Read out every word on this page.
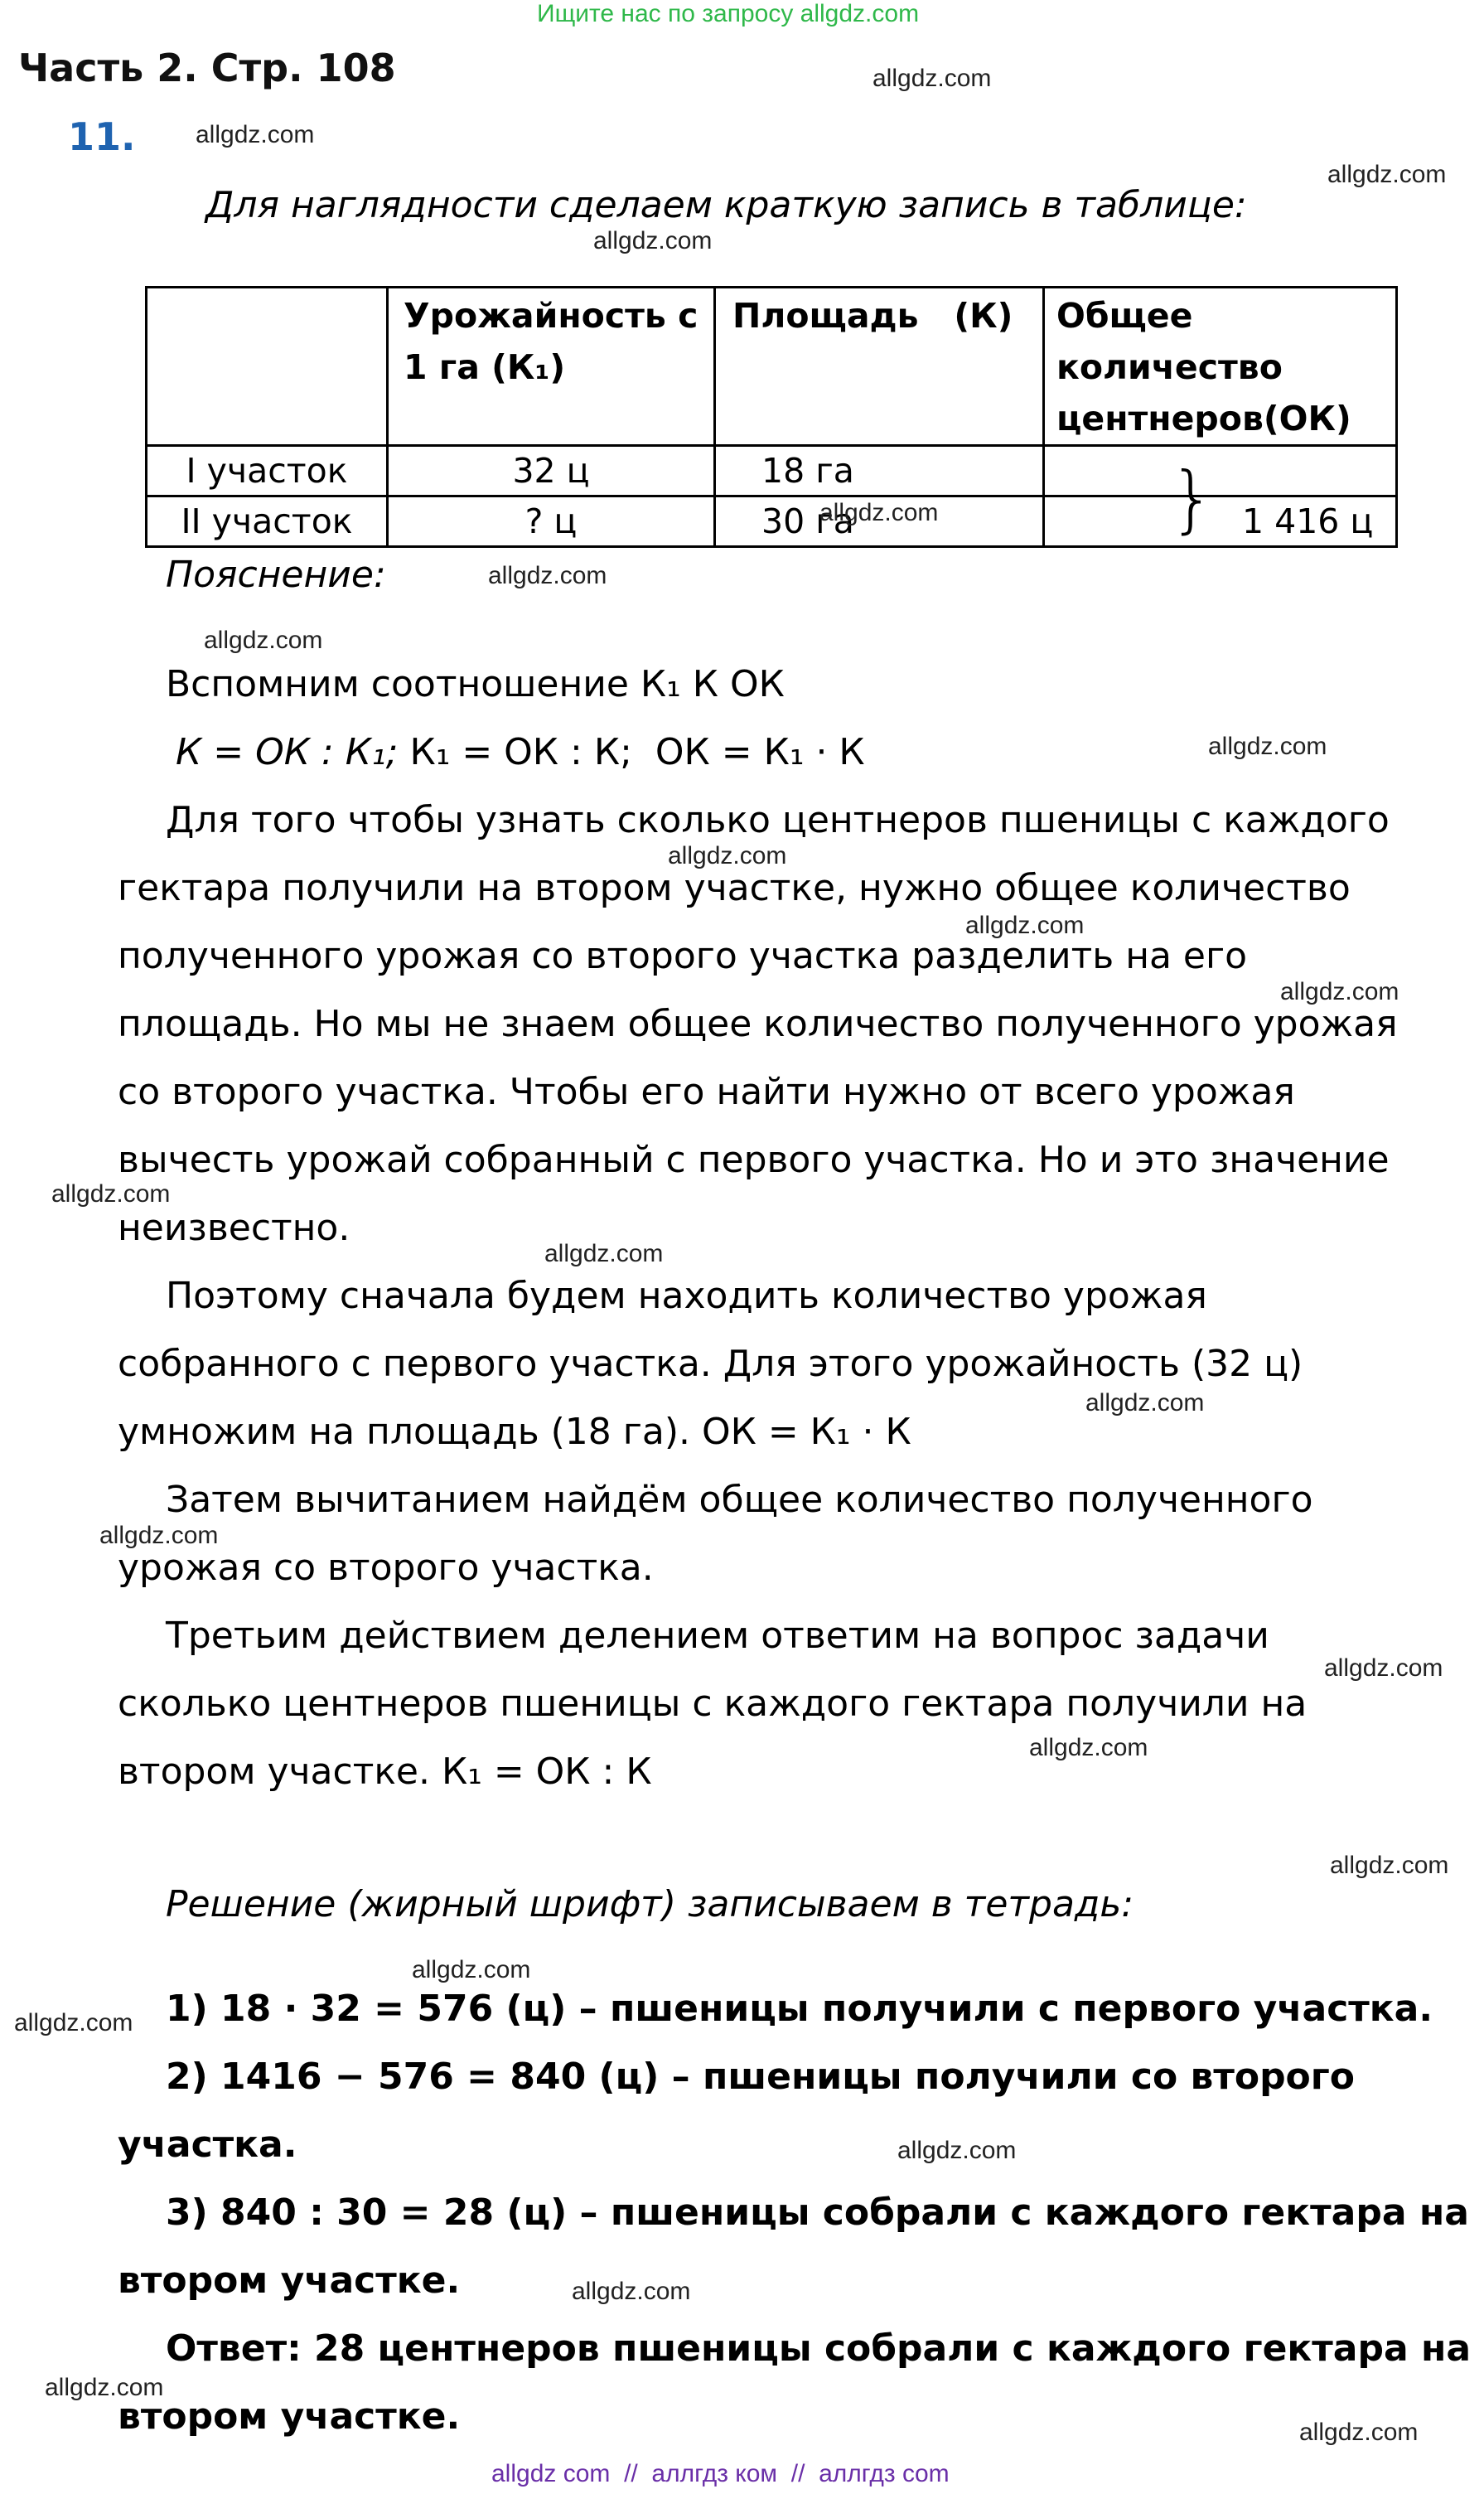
Ищите нас по запросу allgdz.com
Часть 2. Стр. 108
11.
Для наглядности сделаем краткую запись в таблице:
	Урожайность с 1 га (К₁)	Площадь   (К)	Общее количество центнеров(ОК)
I участок	32 ц	18 га	
II участок	? ц	30 га	} 1 416 ц
Пояснение:
Вспомним соотношение К₁ К ОК
К = ОК : К₁; К₁ = ОК : К;  ОК = К₁ · К
Для того чтобы узнать сколько центнеров пшеницы с каждого
гектара получили на втором участке, нужно общее количество
полученного урожая со второго участка разделить на его
площадь. Но мы не знаем общее количество полученного урожая
со второго участка. Чтобы его найти нужно от всего урожая
вычесть урожай собранный с первого участка. Но и это значение
неизвестно.
Поэтому сначала будем находить количество урожая
собранного с первого участка. Для этого урожайность (32 ц)
умножим на площадь (18 га). ОК = К₁ · К
Затем вычитанием найдём общее количество полученного
урожая со второго участка.
Третьим действием делением ответим на вопрос задачи
сколько центнеров пшеницы с каждого гектара получили на
втором участке. К₁ = ОК : К
Решение (жирный шрифт) записываем в тетрадь:
1) 18 · 32 = 576 (ц) – пшеницы получили с первого участка.
2) 1416 − 576 = 840 (ц) – пшеницы получили со второго
участка.
3) 840 : 30 = 28 (ц) – пшеницы собрали с каждого гектара на
втором участке.
Ответ: 28 центнеров пшеницы собрали с каждого гектара на
втором участке.
allgdz.com
allgdz.com
allgdz.com
allgdz.com
allgdz.com
allgdz.com
allgdz.com
allgdz.com
allgdz.com
allgdz.com
allgdz.com
allgdz.com
allgdz.com
allgdz.com
allgdz.com
allgdz.com
allgdz.com
allgdz.com
allgdz.com
allgdz.com
allgdz.com
allgdz.com
allgdz.com
allgdz.com
allgdz com  //  аллгдз ком  //  аллгдз com
